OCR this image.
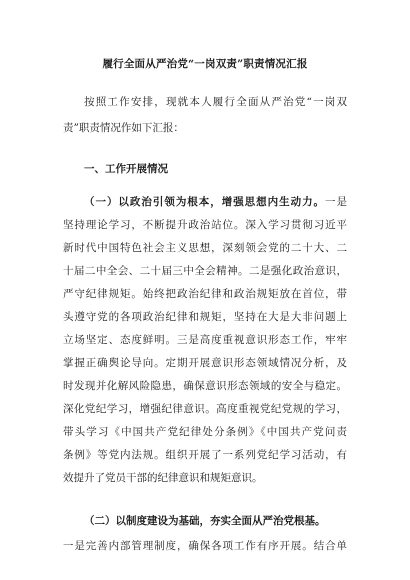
履行全面从严治党“一岗双责”职责情况汇报
按照工作安排，现就本人履行全面从严治党“一岗双
责”职责情况作如下汇报：
一、工作开展情况
（一）以政治引领为根本，增强思想内生动力。一是
坚持理论学习，不断提升政治站位。深入学习贯彻习近平
新时代中国特色社会主义思想，深刻领会党的二十大、二
十届二中全会、二十届三中全会精神。二是强化政治意识，
严守纪律规矩。始终把政治纪律和政治规矩放在首位，带
头遵守党的各项政治纪律和规矩，坚持在大是大非问题上
立场坚定、态度鲜明。三是高度重视意识形态工作，牢牢
掌握正确舆论导向。定期开展意识形态领域情况分析，及
时发现并化解风险隐患，确保意识形态领域的安全与稳定。
深化党纪学习，增强纪律意识。高度重视党纪党规的学习，
带头学习《中国共产党纪律处分条例》《中国共产党问责
条例》等党内法规。组织开展了一系列党纪学习活动，有
效提升了党员干部的纪律意识和规矩意识。
（二）以制度建设为基础，夯实全面从严治党根基。
一是完善内部管理制度，确保各项工作有序开展。结合单
